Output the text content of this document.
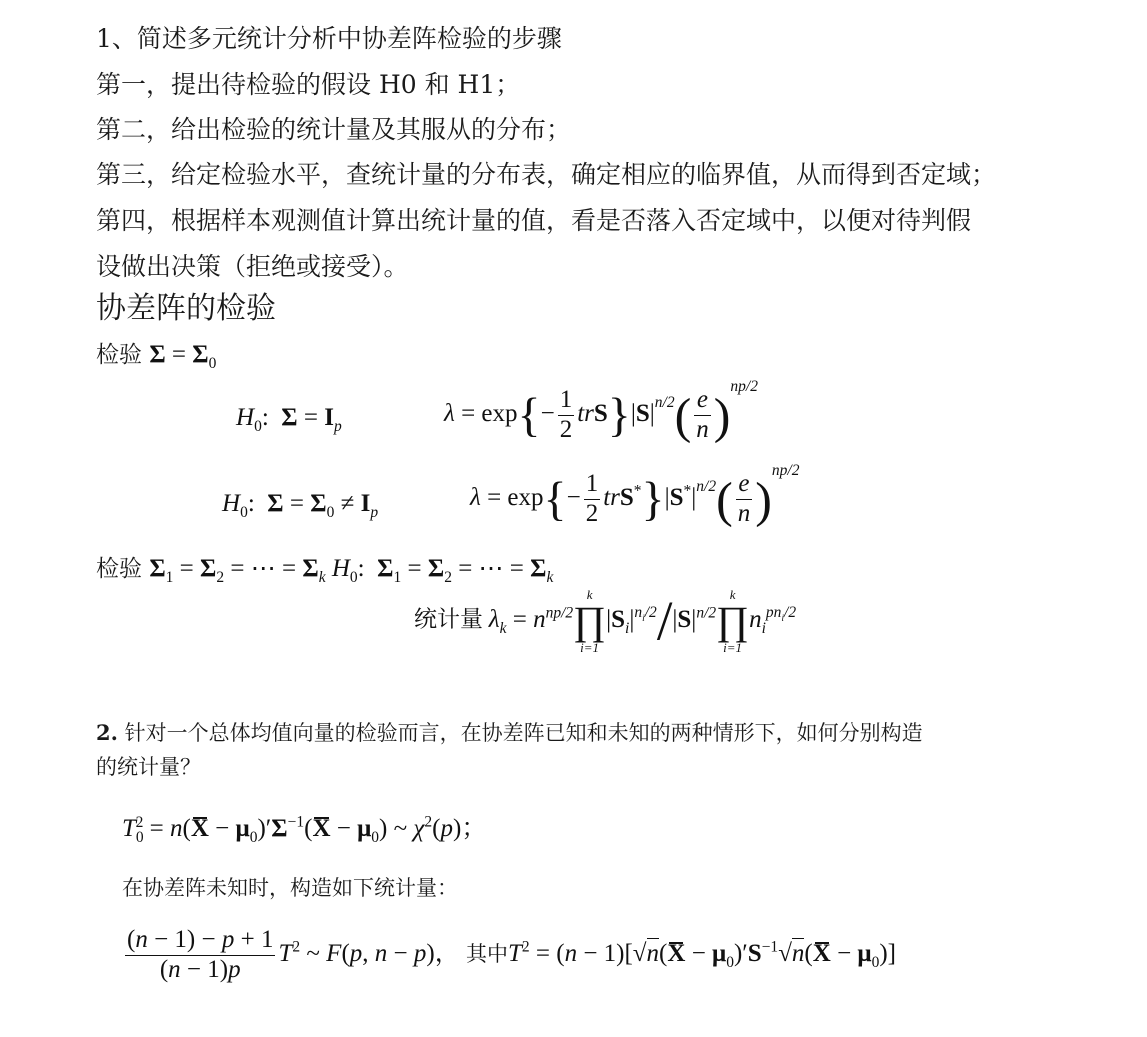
1、简述多元统计分析中协差阵检验的步骤

第一，提出待检验的假设 H0 和 H1；

第二，给出检验的统计量及其服从的分布；

第三，给定检验水平，查统计量的分布表，确定相应的临界值，从而得到否定域；

第四，根据样本观测值计算出统计量的值，看是否落入否定域中，以便对待判假

设做出决策（拒绝或接受）。

协差阵的检验

检验 $\Sigma = \Sigma_0$

$H_0$:  $\Sigma = I_p$	$\lambda = \exp\{- \frac{1}{2} trS\}|S|^{n/2}( \frac{e}{n} )^{np/2}$
$H_0$:  $\Sigma = \Sigma_0 \ne I_p$
$\lambda = \exp\{- \frac{1}{2} trS^*\}|S^*|^{n/2}( \frac{e}{n} )^{np/2}$

检验 $\Sigma_1 = \Sigma_2$ = ⋯ = $\Sigma_k$ $H_0$:  $\Sigma_1 = \Sigma_2$ = ⋯ = $\Sigma_k$

统计量 $\lambda_k = n^{np/2}$
k
∏
i=1
$|S_i|^{n_i/2}/|S|^{n/2}$
k
∏
i=1
$n_i^{pn_i/2}$

2. 针对一个总体均值向量的检验而言，在协差阵已知和未知的两种情形下，如何分别构造

的统计量？

$T_0^2 = n(X - \mu_0)'\Sigma^{-1}(X - \mu_0)$ ~ $\chi^2(p)$；

在协差阵未知时，构造如下统计量：

$\frac{(n - 1) - p + 1}{(n - 1)p} T^2$ ~ F(p, n − p)， 其中$T^2 = (n - 1)[√n(X - \mu_0)'S^{-1}√n(X - \mu_0)]$
